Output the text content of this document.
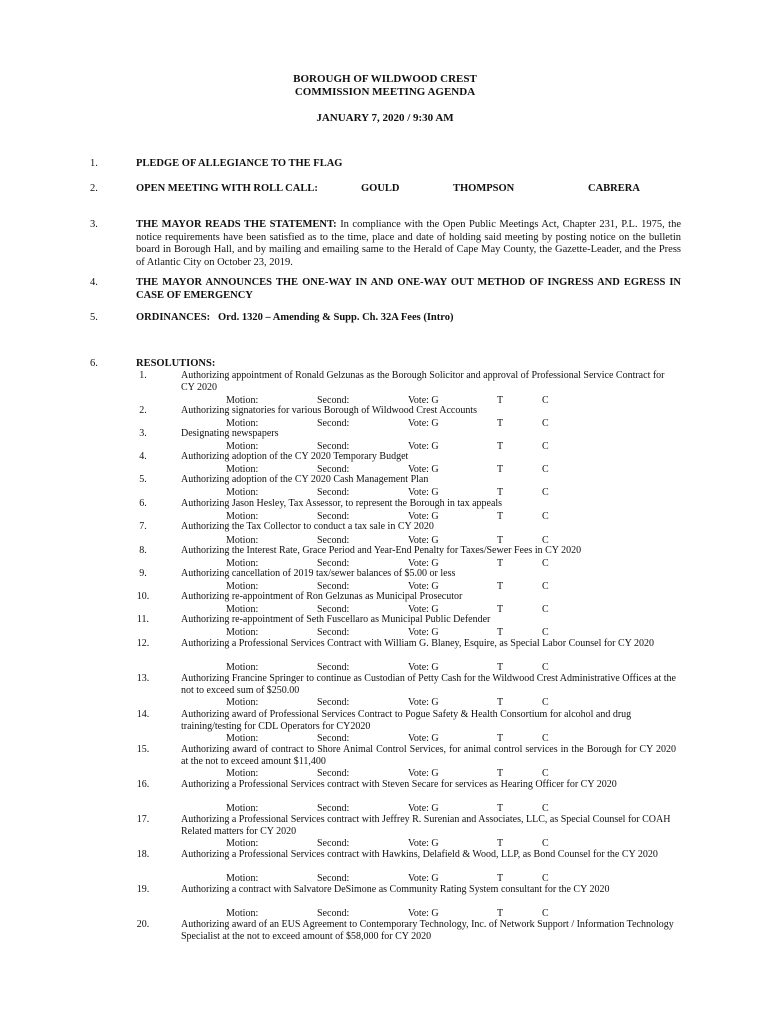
BOROUGH OF WILDWOOD CREST
COMMISSION MEETING AGENDA
JANUARY 7, 2020 / 9:30 AM
1.	PLEDGE OF ALLEGIANCE TO THE FLAG
2.	OPEN MEETING WITH ROLL CALL:	GOULD	THOMPSON	CABRERA
3.	THE MAYOR READS THE STATEMENT: In compliance with the Open Public Meetings Act, Chapter 231, P.L. 1975, the notice requirements have been satisfied as to the time, place and date of holding said meeting by posting notice on the bulletin board in Borough Hall, and by mailing and emailing same to the Herald of Cape May County, the Gazette-Leader, and the Press of Atlantic City on October 23, 2019.
4.	THE MAYOR ANNOUNCES THE ONE-WAY IN AND ONE-WAY OUT METHOD OF INGRESS AND EGRESS IN CASE OF EMERGENCY
5.	ORDINANCES: Ord. 1320 – Amending & Supp. Ch. 32A Fees (Intro)
6.	RESOLUTIONS:
1.	Authorizing appointment of Ronald Gelzunas as the Borough Solicitor and approval of Professional Service Contract for CY 2020
Motion:	Second:	Vote: G	T	C
2.	Authorizing signatories for various Borough of Wildwood Crest Accounts
Motion:	Second:	Vote: G	T	C
3.	Designating newspapers
Motion:	Second:	Vote: G	T	C
4.	Authorizing adoption of the CY 2020 Temporary Budget
Motion:	Second:	Vote: G	T	C
5.	Authorizing adoption of the CY 2020 Cash Management Plan
Motion:	Second:	Vote: G	T	C
6.	Authorizing Jason Hesley, Tax Assessor, to represent the Borough in tax appeals
Motion:	Second:	Vote: G	T	C
7.	Authorizing the Tax Collector to conduct a tax sale in CY 2020
Motion:	Second:	Vote: G	T	C
8.	Authorizing the Interest Rate, Grace Period and Year-End Penalty for Taxes/Sewer Fees in CY 2020
Motion:	Second:	Vote: G	T	C
9.	Authorizing cancellation of 2019 tax/sewer balances of $5.00 or less
Motion:	Second:	Vote: G	T	C
10.	Authorizing re-appointment of Ron Gelzunas as Municipal Prosecutor
Motion:	Second:	Vote: G	T	C
11.	Authorizing re-appointment of Seth Fuscellaro as Municipal Public Defender
Motion:	Second:	Vote: G	T	C
12.	Authorizing a Professional Services Contract with William G. Blaney, Esquire, as Special Labor Counsel for CY 2020
Motion:	Second:	Vote: G	T	C
13.	Authorizing Francine Springer to continue as Custodian of Petty Cash for the Wildwood Crest Administrative Offices at the not to exceed sum of $250.00
Motion:	Second:	Vote: G	T	C
14.	Authorizing award of Professional Services Contract to Pogue Safety & Health Consortium for alcohol and drug training/testing for CDL Operators for CY2020
Motion:	Second:	Vote: G	T	C
15.	Authorizing award of contract to Shore Animal Control Services, for animal control services in the Borough for CY 2020 at the not to exceed amount $11,400
Motion:	Second:	Vote: G	T	C
16.	Authorizing a Professional Services contract with Steven Secare for services as Hearing Officer for CY 2020
Motion:	Second:	Vote: G	T	C
17.	Authorizing a Professional Services contract with Jeffrey R. Surenian and Associates, LLC, as Special Counsel for COAH Related matters for CY 2020
Motion:	Second:	Vote: G	T	C
18.	Authorizing a Professional Services contract with Hawkins, Delafield & Wood, LLP, as Bond Counsel for the CY 2020
Motion:	Second:	Vote: G	T	C
19.	Authorizing a contract with Salvatore DeSimone as Community Rating System consultant for the CY 2020
Motion:	Second:	Vote: G	T	C
20.	Authorizing award of an EUS Agreement to Contemporary Technology, Inc. of Network Support / Information Technology Specialist at the not to exceed amount of $58,000 for CY 2020
